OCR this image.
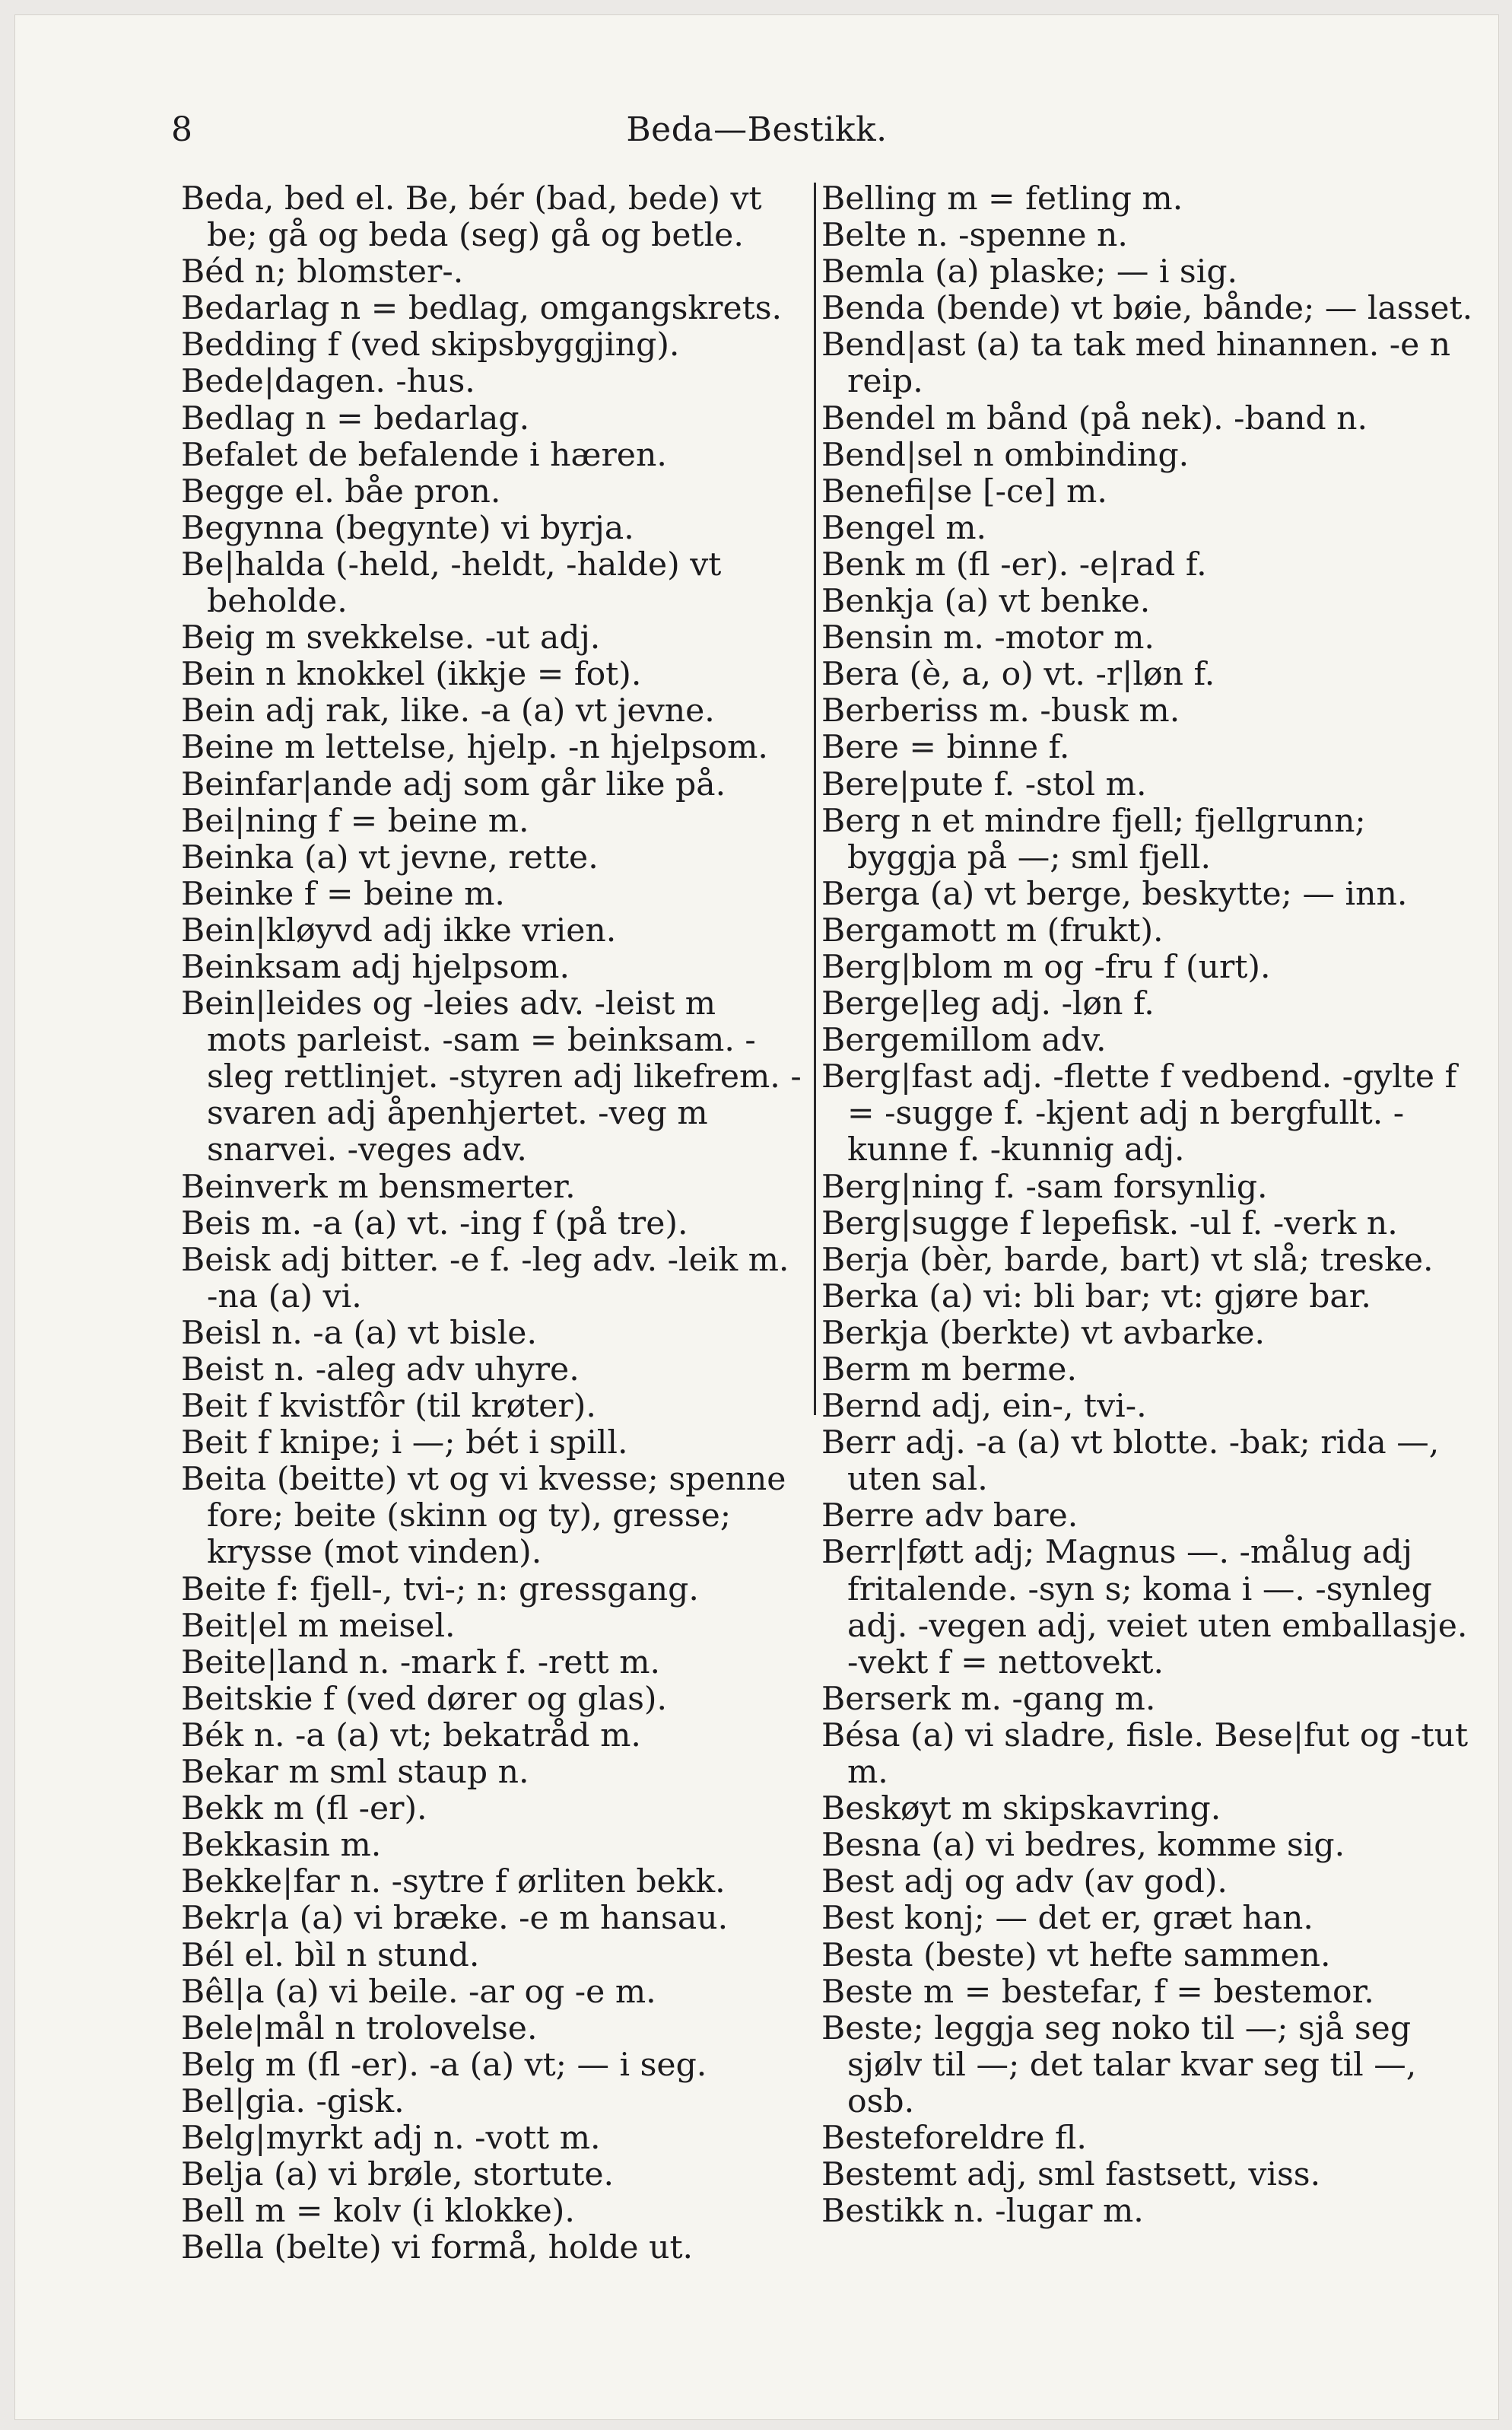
8	Beda—Bestikk.

Beda, bed el. Be, bér (bad, bede) vt be; gå og beda (seg) gå og betle.

Béd n; blomster-.

Bedarlag n = bedlag, omgangskrets.

Bedding f (ved skipsbyggjing).

Bede|dagen. -hus.

Bedlag n = bedarlag.

Befalet de befalende i hæren.

Begge el. båe pron.

Begynna (begynte) vi byrja.

Be|halda (-held, -heldt, -halde) vt beholde.

Beig m svekkelse. -ut adj.

Bein n knokkel (ikkje = fot).

Bein adj rak, like. -a (a) vt jevne.

Beine m lettelse, hjelp. -n hjelpsom.

Beinfar|ande adj som går like på.

Bei|ning f = beine m.

Beinka (a) vt jevne, rette.

Beinke f = beine m.

Bein|kløyvd adj ikke vrien.

Beinksam adj hjelpsom.

Bein|leides og -leies adv. -leist m mots parleist. -sam = beinksam. -sleg rettlinjet. -styren adj likefrem. -svaren adj åpenhjertet. -veg m snarvei. -veges adv.

Beinverk m bensmerter.

Beis m. -a (a) vt. -ing f (på tre).

Beisk adj bitter. -e f. -leg adv. -leik m. -na (a) vi.

Beisl n. -a (a) vt bisle.

Beist n. -aleg adv uhyre.

Beit f kvistfôr (til krøter).

Beit f knipe; i —; bét i spill.

Beita (beitte) vt og vi kvesse; spenne fore; beite (skinn og ty), gresse; krysse (mot vinden).

Beite f: fjell-, tvi-; n: gressgang.

Beit|el m meisel.

Beite|land n. -mark f. -rett m.

Beitskie f (ved dører og glas).

Bék n. -a (a) vt; bekatråd m.

Bekar m sml staup n.

Bekk m (fl -er).

Bekkasin m.

Bekke|far n. -sytre f ørliten bekk.

Bekr|a (a) vi bræke. -e m hansau.

Bél el. bìl n stund.

Bêl|a (a) vi beile. -ar og -e m.

Bele|mål n trolovelse.

Belg m (fl -er). -a (a) vt; — i seg.

Bel|gia. -gisk.

Belg|myrkt adj n. -vott m.

Belja (a) vi brøle, stortute.

Bell m = kolv (i klokke).

Bella (belte) vi formå, holde ut.

Belling m = fetling m.

Belte n. -spenne n.

Bemla (a) plaske; — i sig.

Benda (bende) vt bøie, bånde; — lasset.

Bend|ast (a) ta tak med hinannen. -e n reip.

Bendel m bånd (på nek). -band n.

Bend|sel n ombinding.

Benefi|se [-ce] m.

Bengel m.

Benk m (fl -er). -e|rad f.

Benkja (a) vt benke.

Bensin m. -motor m.

Bera (è, a, o) vt. -r|løn f.

Berberiss m. -busk m.

Bere = binne f.

Bere|pute f. -stol m.

Berg n et mindre fjell; fjellgrunn; byggja på —; sml fjell.

Berga (a) vt berge, beskytte; — inn.

Bergamott m (frukt).

Berg|blom m og -fru f (urt).

Berge|leg adj. -løn f.

Bergemillom adv.

Berg|fast adj. -flette f vedbend. -gylte f = -sugge f. -kjent adj n bergfullt. -kunne f. -kunnig adj.

Berg|ning f. -sam forsynlig.

Berg|sugge f lepefisk. -ul f. -verk n.

Berja (bèr, barde, bart) vt slå; treske.

Berka (a) vi: bli bar; vt: gjøre bar.

Berkja (berkte) vt avbarke.

Berm m berme.

Bernd adj, ein-, tvi-.

Berr adj. -a (a) vt blotte. -bak; rida —, uten sal.

Berre adv bare.

Berr|føtt adj; Magnus —. -målug adj fritalende. -syn s; koma i —. -synleg adj. -vegen adj, veiet uten emballasje. -vekt f = nettovekt.

Berserk m. -gang m.

Bésa (a) vi sladre, fisle. Bese|fut og -tut m.

Beskøyt m skipskavring.

Besna (a) vi bedres, komme sig.

Best adj og adv (av god).

Best konj; — det er, græt han.

Besta (beste) vt hefte sammen.

Beste m = bestefar, f = bestemor.

Beste; leggja seg noko til —; sjå seg sjølv til —; det talar kvar seg til —, osb.

Besteforeldre fl.

Bestemt adj, sml fastsett, viss.

Bestikk n. -lugar m.
